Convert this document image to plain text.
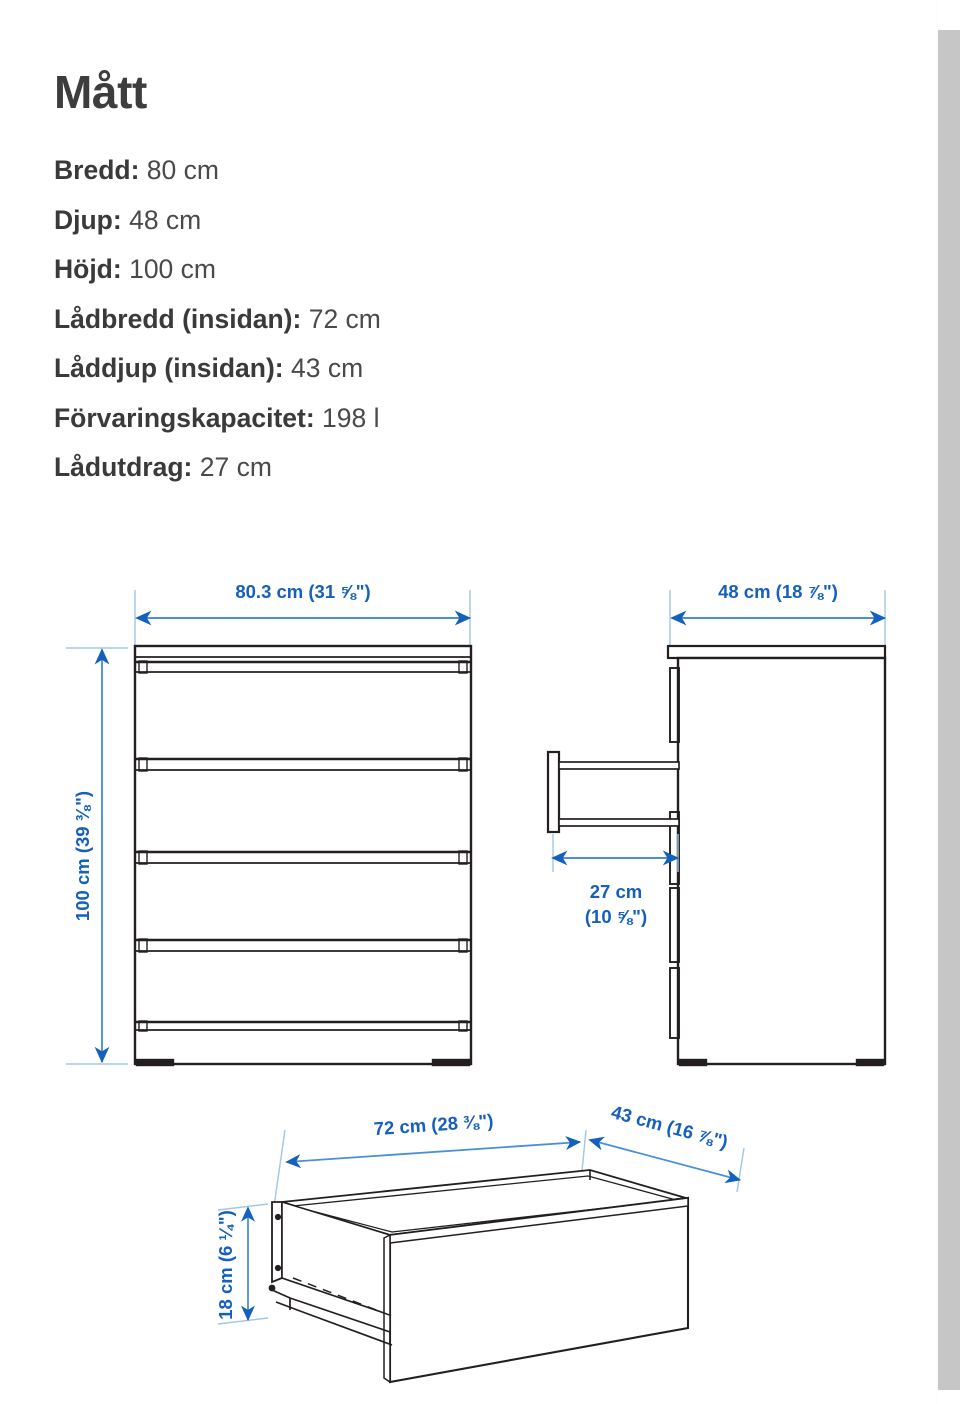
Mått
Bredd: 80 cm
Djup: 48 cm
Höjd: 100 cm
Lådbredd (insidan): 72 cm
Låddjup (insidan): 43 cm
Förvaringskapacitet: 198 l
Lådutdrag: 27 cm
80.3 cm (31 ⅝")	48 cm (18 ⅞")
100 cm (39 ⅜")	27 cm
(10 ⅝")
72 cm (28 ⅜")	43 cm (16 ⅞")
18 cm (6 ¼")
